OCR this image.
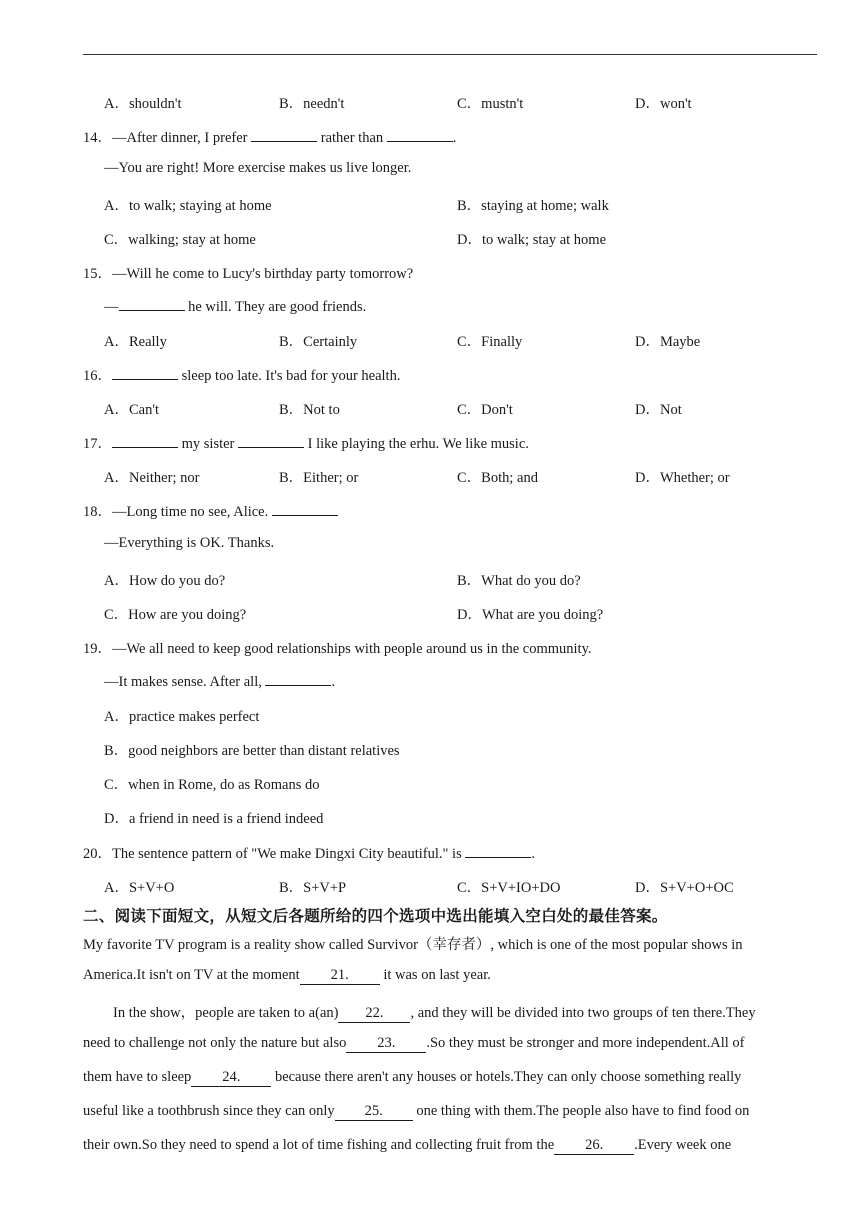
A．shouldn't	B．needn't	C．mustn't	D．won't
14．—After dinner, I prefer	rather than	.
—You are right! More exercise makes us live longer.
A．to walk; staying at home	B．staying at home; walk
C．walking; stay at home	D．to walk; stay at home
15．—Will he come to Lucy's birthday party tomorrow?
—	he will. They are good friends.
A．Really	B．Certainly	C．Finally	D．Maybe
16．	sleep too late. It's bad for your health.
A．Can't	B．Not to	C．Don't	D．Not
17．	my sister	I like playing the erhu. We like music.
A．Neither; nor	B．Either; or	C．Both; and	D．Whether; or
18．—Long time no see, Alice.
—Everything is OK. Thanks.
A．How do you do?	B．What do you do?
C．How are you doing?	D．What are you doing?
19．—We all need to keep good relationships with people around us in the community.
—It makes sense. After all,	.
A．practice makes perfect
B．good neighbors are better than distant relatives
C．when in Rome, do as Romans do
D．a friend in need is a friend indeed
20．The sentence pattern of "We make Dingxi City beautiful." is	.
A．S+V+O	B．S+V+P	C．S+V+IO+DO	D．S+V+O+OC
二、阅读下面短文，从短文后各题所给的四个选项中选出能填入空白处的最佳答案。
My favorite TV program is a reality show called Survivor（幸存者）, which is one of the most popular shows in
America.It isn't on TV at the moment 21. it was on last year.
In the show，people are taken to a(an) 22. , and they will be divided into two groups of ten there.They
need to challenge not only the nature but also 23. .So they must be stronger and more independent.All of
them have to sleep 24. because there aren't any houses or hotels.They can only choose something really
useful like a toothbrush since they can only 25. one thing with them.The people also have to find food on
their own.So they need to spend a lot of time fishing and collecting fruit from the 26. .Every week one
